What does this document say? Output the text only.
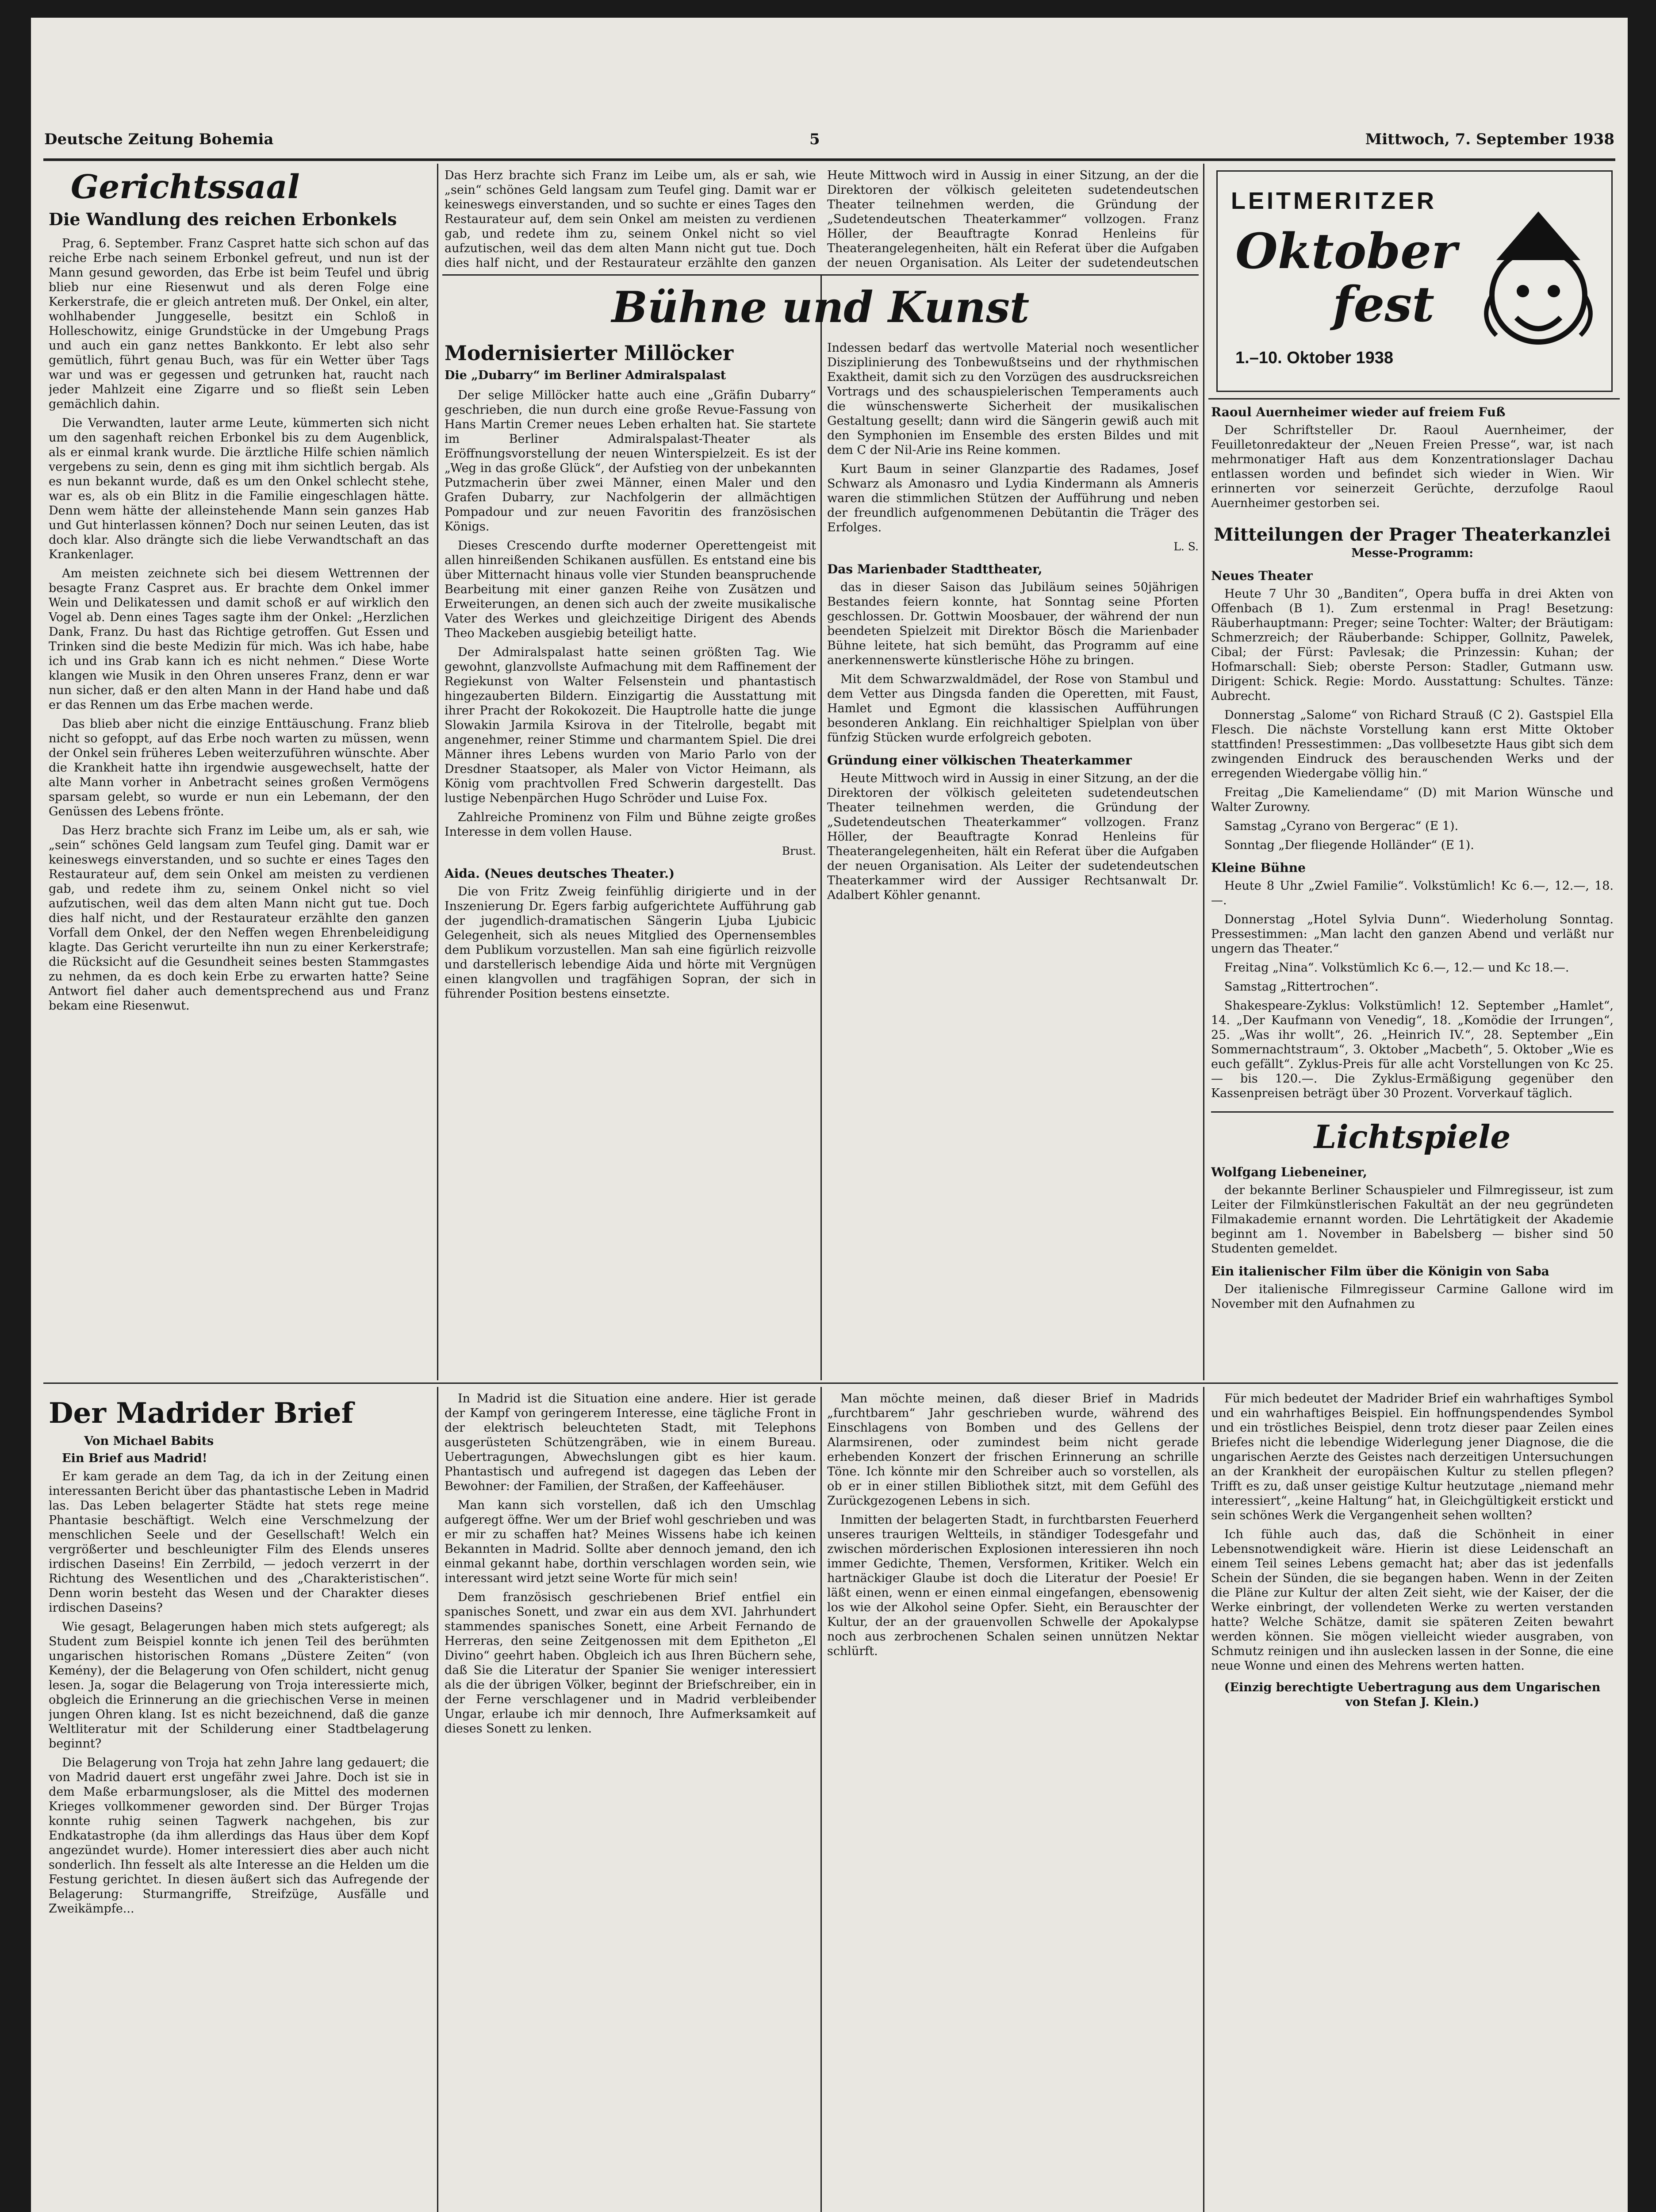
Deutsche Zeitung Bohemia	5	Mittwoch, 7. September 1938
Gerichtssaal
Die Wandlung des reichen Erbonkels

Prag, 6. September. Franz Caspret hatte sich schon auf das reiche Erbe nach seinem Erbonkel gefreut, und nun ist der Mann gesund geworden, das Erbe ist beim Teufel und übrig blieb nur eine Riesenwut und als deren Folge eine Kerkerstrafe, die er gleich antreten muß. Der Onkel, ein alter, wohlhabender Junggeselle, besitzt ein Schloß in Holleschowitz, einige Grundstücke in der Umgebung Prags und auch ein ganz nettes Bankkonto. Er lebt also sehr gemütlich, führt genau Buch, was für ein Wetter über Tags war und was er gegessen und getrunken hat, raucht nach jeder Mahlzeit eine Zigarre und so fließt sein Leben gemächlich dahin.

Die Verwandten, lauter arme Leute, kümmerten sich nicht um den sagenhaft reichen Erbonkel bis zu dem Augenblick, als er einmal krank wurde. Die ärztliche Hilfe schien nämlich vergebens zu sein, denn es ging mit ihm sichtlich bergab. Als es nun bekannt wurde, daß es um den Onkel schlecht stehe, war es, als ob ein Blitz in die Familie eingeschlagen hätte. Denn wem hätte der alleinstehende Mann sein ganzes Hab und Gut hinterlassen können? Doch nur seinen Leuten, das ist doch klar. Also drängte sich die liebe Verwandtschaft an das Krankenlager.

Am meisten zeichnete sich bei diesem Wettrennen der besagte Franz Caspret aus. Er brachte dem Onkel immer Wein und Delikatessen und damit schoß er auf wirklich den Vogel ab. Denn eines Tages sagte ihm der Onkel: „Herzlichen Dank, Franz. Du hast das Richtige getroffen. Gut Essen und Trinken sind die beste Medizin für mich. Was ich habe, habe ich und ins Grab kann ich es nicht nehmen.“ Diese Worte klangen wie Musik in den Ohren unseres Franz, denn er war nun sicher, daß er den alten Mann in der Hand habe und daß er das Rennen um das Erbe machen werde.

Das blieb aber nicht die einzige Enttäuschung. Franz blieb nicht so gefoppt, auf das Erbe noch warten zu müssen, wenn der Onkel sein früheres Leben weiterzuführen wünschte. Aber die Krankheit hatte ihn irgendwie ausgewechselt, hatte der alte Mann vorher in Anbetracht seines großen Vermögens sparsam gelebt, so wurde er nun ein Lebemann, der den Genüssen des Lebens frönte.

Das Herz brachte sich Franz im Leibe um, als er sah, wie „sein“ schönes Geld langsam zum Teufel ging. Damit war er keineswegs einverstanden, und so suchte er eines Tages den Restaurateur auf, dem sein Onkel am meisten zu verdienen gab, und redete ihm zu, seinem Onkel nicht so viel aufzutischen, weil das dem alten Mann nicht gut tue. Doch dies half nicht, und der Restaurateur erzählte den ganzen Vorfall dem Onkel, der den Neffen wegen Ehrenbeleidigung klagte. Das Gericht verurteilte ihn nun zu einer Kerkerstrafe; die Rücksicht auf die Gesundheit seines besten Stammgastes zu nehmen, da es doch kein Erbe zu erwarten hatte? Seine Antwort fiel daher auch dementsprechend aus und Franz bekam eine Riesenwut.

Das Herz brachte sich Franz im Leibe um, als er sah, wie „sein“ schönes Geld langsam zum Teufel ging. Damit war er keineswegs einverstanden, und so suchte er eines Tages den Restaurateur auf, dem sein Onkel am meisten zu verdienen gab, und redete ihm zu, seinem Onkel nicht so viel aufzutischen, weil das dem alten Mann nicht gut tue. Doch dies half nicht, und der Restaurateur erzählte den ganzen

Heute Mittwoch wird in Aussig in einer Sitzung, an der die Direktoren der völkisch geleiteten sudetendeutschen Theater teilnehmen werden, die Gründung der „Sudetendeutschen Theaterkammer“ vollzogen. Franz Höller, der Beauftragte Konrad Henleins für Theaterangelegenheiten, hält ein Referat über die Aufgaben der neuen Organisation. Als Leiter der sudetendeutschen

Bühne und Kunst
Modernisierter Millöcker
Die „Dubarry“ im Berliner Admiralspalast

Der selige Millöcker hatte auch eine „Gräfin Dubarry“ geschrieben, die nun durch eine große Revue-Fassung von Hans Martin Cremer neues Leben erhalten hat. Sie startete im Berliner Admiralspalast-Theater als Eröffnungsvorstellung der neuen Winterspielzeit. Es ist der „Weg in das große Glück“, der Aufstieg von der unbekannten Putzmacherin über zwei Männer, einen Maler und den Grafen Dubarry, zur Nachfolgerin der allmächtigen Pompadour und zur neuen Favoritin des französischen Königs.

Dieses Crescendo durfte moderner Operettengeist mit allen hinreißenden Schikanen ausfüllen. Es entstand eine bis über Mitternacht hinaus volle vier Stunden beanspruchende Bearbeitung mit einer ganzen Reihe von Zusätzen und Erweiterungen, an denen sich auch der zweite musikalische Vater des Werkes und gleichzeitige Dirigent des Abends Theo Mackeben ausgiebig beteiligt hatte.

Der Admiralspalast hatte seinen größten Tag. Wie gewohnt, glanzvollste Aufmachung mit dem Raffinement der Regiekunst von Walter Felsenstein und phantastisch hingezauberten Bildern. Einzigartig die Ausstattung mit ihrer Pracht der Rokokozeit. Die Hauptrolle hatte die junge Slowakin Jarmila Ksirova in der Titelrolle, begabt mit angenehmer, reiner Stimme und charmantem Spiel. Die drei Männer ihres Lebens wurden von Mario Parlo von der Dresdner Staatsoper, als Maler von Victor Heimann, als König vom prachtvollen Fred Schwerin dargestellt. Das lustige Nebenpärchen Hugo Schröder und Luise Fox.

Zahlreiche Prominenz von Film und Bühne zeigte großes Interesse in dem vollen Hause.

Brust.
Aida. (Neues deutsches Theater.)

Die von Fritz Zweig feinfühlig dirigierte und in der Inszenierung Dr. Egers farbig aufgerichtete Aufführung gab der jugendlich-dramatischen Sängerin Ljuba Ljubicic Gelegenheit, sich als neues Mitglied des Opernensembles dem Publikum vorzustellen. Man sah eine figürlich reizvolle und darstellerisch lebendige Aida und hörte mit Vergnügen einen klangvollen und tragfähigen Sopran, der sich in führender Position bestens einsetzte.

Indessen bedarf das wertvolle Material noch wesentlicher Disziplinierung des Tonbewußtseins und der rhythmischen Exaktheit, damit sich zu den Vorzügen des ausdrucksreichen Vortrags und des schauspielerischen Temperaments auch die wünschenswerte Sicherheit der musikalischen Gestaltung gesellt; dann wird die Sängerin gewiß auch mit den Symphonien im Ensemble des ersten Bildes und mit dem C der Nil-Arie ins Reine kommen.

Kurt Baum in seiner Glanzpartie des Radames, Josef Schwarz als Amonasro und Lydia Kindermann als Amneris waren die stimmlichen Stützen der Aufführung und neben der freundlich aufgenommenen Debütantin die Träger des Erfolges.

L. S.
Das Marienbader Stadttheater,

das in dieser Saison das Jubiläum seines 50jährigen Bestandes feiern konnte, hat Sonntag seine Pforten geschlossen. Dr. Gottwin Moosbauer, der während der nun beendeten Spielzeit mit Direktor Bösch die Marienbader Bühne leitete, hat sich bemüht, das Programm auf eine anerkennenswerte künstlerische Höhe zu bringen.

Mit dem Schwarzwaldmädel, der Rose von Stambul und dem Vetter aus Dingsda fanden die Operetten, mit Faust, Hamlet und Egmont die klassischen Aufführungen besonderen Anklang. Ein reichhaltiger Spielplan von über fünfzig Stücken wurde erfolgreich geboten.

Gründung einer völkischen Theaterkammer

Heute Mittwoch wird in Aussig in einer Sitzung, an der die Direktoren der völkisch geleiteten sudetendeutschen Theater teilnehmen werden, die Gründung der „Sudetendeutschen Theaterkammer“ vollzogen. Franz Höller, der Beauftragte Konrad Henleins für Theaterangelegenheiten, hält ein Referat über die Aufgaben der neuen Organisation. Als Leiter der sudetendeutschen Theaterkammer wird der Aussiger Rechtsanwalt Dr. Adalbert Köhler genannt.

LEITMERITZER
Oktober
fest
1.–10. Oktober 1938
Raoul Auernheimer wieder auf freiem Fuß

Der Schriftsteller Dr. Raoul Auernheimer, der Feuilletonredakteur der „Neuen Freien Presse“, war, ist nach mehrmonatiger Haft aus dem Konzentrationslager Dachau entlassen worden und befindet sich wieder in Wien. Wir erinnerten vor seinerzeit Gerüchte, derzufolge Raoul Auernheimer gestorben sei.

Mitteilungen der Prager Theaterkanzlei
Messe-Programm:
Neues Theater

Heute 7 Uhr 30 „Banditen“, Opera buffa in drei Akten von Offenbach (B 1). Zum erstenmal in Prag! Besetzung: Räuberhauptmann: Preger; seine Tochter: Walter; der Bräutigam: Schmerzreich; der Räuberbande: Schipper, Gollnitz, Pawelek, Cibal; der Fürst: Pavlesak; die Prinzessin: Kuhan; der Hofmarschall: Sieb; oberste Person: Stadler, Gutmann usw. Dirigent: Schick. Regie: Mordo. Ausstattung: Schultes. Tänze: Aubrecht.

Donnerstag „Salome“ von Richard Strauß (C 2). Gastspiel Ella Flesch. Die nächste Vorstellung kann erst Mitte Oktober stattfinden! Pressestimmen: „Das vollbesetzte Haus gibt sich dem zwingenden Eindruck des berauschenden Werks und der erregenden Wiedergabe völlig hin.“

Freitag „Die Kameliendame“ (D) mit Marion Wünsche und Walter Zurowny.

Samstag „Cyrano von Bergerac“ (E 1).

Sonntag „Der fliegende Holländer“ (E 1).

Kleine Bühne

Heute 8 Uhr „Zwiel Familie“. Volkstümlich! Kc 6.—, 12.—, 18.—.

Donnerstag „Hotel Sylvia Dunn“. Wiederholung Sonntag. Pressestimmen: „Man lacht den ganzen Abend und verläßt nur ungern das Theater.“

Freitag „Nina“. Volkstümlich Kc 6.—, 12.— und Kc 18.—.

Samstag „Rittertrochen“.

Shakespeare-Zyklus: Volkstümlich! 12. September „Hamlet“, 14. „Der Kaufmann von Venedig“, 18. „Komödie der Irrungen“, 25. „Was ihr wollt“, 26. „Heinrich IV.“, 28. September „Ein Sommernachtstraum“, 3. Oktober „Macbeth“, 5. Oktober „Wie es euch gefällt“. Zyklus-Preis für alle acht Vorstellungen von Kc 25.— bis 120.—. Die Zyklus-Ermäßigung gegenüber den Kassenpreisen beträgt über 30 Prozent. Vorverkauf täglich.

Lichtspiele
Wolfgang Liebeneiner,

der bekannte Berliner Schauspieler und Filmregisseur, ist zum Leiter der Filmkünstlerischen Fakultät an der neu gegründeten Filmakademie ernannt worden. Die Lehrtätigkeit der Akademie beginnt am 1. November in Babelsberg — bisher sind 50 Studenten gemeldet.

Ein italienischer Film über die Königin von Saba

Der italienische Filmregisseur Carmine Gallone wird im November mit den Aufnahmen zu

Der Madrider Brief
Von Michael Babits
Ein Brief aus Madrid!

Er kam gerade an dem Tag, da ich in der Zeitung einen interessanten Bericht über das phantastische Leben in Madrid las. Das Leben belagerter Städte hat stets rege meine Phantasie beschäftigt. Welch eine Verschmelzung der menschlichen Seele und der Gesellschaft! Welch ein vergrößerter und beschleunigter Film des Elends unseres irdischen Daseins! Ein Zerrbild, — jedoch verzerrt in der Richtung des Wesentlichen und des „Charakteristischen“. Denn worin besteht das Wesen und der Charakter dieses irdischen Daseins?

Wie gesagt, Belagerungen haben mich stets aufgeregt; als Student zum Beispiel konnte ich jenen Teil des berühmten ungarischen historischen Romans „Düstere Zeiten“ (von Kemény), der die Belagerung von Ofen schildert, nicht genug lesen. Ja, sogar die Belagerung von Troja interessierte mich, obgleich die Erinnerung an die griechischen Verse in meinen jungen Ohren klang. Ist es nicht bezeichnend, daß die ganze Weltliteratur mit der Schilderung einer Stadtbelagerung beginnt?

Die Belagerung von Troja hat zehn Jahre lang gedauert; die von Madrid dauert erst ungefähr zwei Jahre. Doch ist sie in dem Maße erbarmungsloser, als die Mittel des modernen Krieges vollkommener geworden sind. Der Bürger Trojas konnte ruhig seinen Tagwerk nachgehen, bis zur Endkatastrophe (da ihm allerdings das Haus über dem Kopf angezündet wurde). Homer interessiert dies aber auch nicht sonderlich. Ihn fesselt als alte Interesse an die Helden um die Festung gerichtet. In diesen äußert sich das Aufregende der Belagerung: Sturmangriffe, Streifzüge, Ausfälle und Zweikämpfe...

In Madrid ist die Situation eine andere. Hier ist gerade der Kampf von geringerem Interesse, eine tägliche Front in der elektrisch beleuchteten Stadt, mit Telephons ausgerüsteten Schützengräben, wie in einem Bureau. Uebertragungen, Abwechslungen gibt es hier kaum. Phantastisch und aufregend ist dagegen das Leben der Bewohner: der Familien, der Straßen, der Kaffeehäuser.

Man kann sich vorstellen, daß ich den Umschlag aufgeregt öffne. Wer um der Brief wohl geschrieben und was er mir zu schaffen hat? Meines Wissens habe ich keinen Bekannten in Madrid. Sollte aber dennoch jemand, den ich einmal gekannt habe, dorthin verschlagen worden sein, wie interessant wird jetzt seine Worte für mich sein!

Dem französisch geschriebenen Brief entfiel ein spanisches Sonett, und zwar ein aus dem XVI. Jahrhundert stammendes spanisches Sonett, eine Arbeit Fernando de Herreras, den seine Zeitgenossen mit dem Epitheton „El Divino“ geehrt haben. Obgleich ich aus Ihren Büchern sehe, daß Sie die Literatur der Spanier Sie weniger interessiert als die der übrigen Völker, beginnt der Briefschreiber, ein in der Ferne verschlagener und in Madrid verbleibender Ungar, erlaube ich mir dennoch, Ihre Aufmerksamkeit auf dieses Sonett zu lenken.

Man möchte meinen, daß dieser Brief in Madrids „furchtbarem“ Jahr geschrieben wurde, während des Einschlagens von Bomben und des Gellens der Alarmsirenen, oder zumindest beim nicht gerade erhebenden Konzert der frischen Erinnerung an schrille Töne. Ich könnte mir den Schreiber auch so vorstellen, als ob er in einer stillen Bibliothek sitzt, mit dem Gefühl des Zurückgezogenen Lebens in sich.

Inmitten der belagerten Stadt, in furchtbarsten Feuerherd unseres traurigen Weltteils, in ständiger Todesgefahr und zwischen mörderischen Explosionen interessieren ihn noch immer Gedichte, Themen, Versformen, Kritiker. Welch ein hartnäckiger Glaube ist doch die Literatur der Poesie! Er läßt einen, wenn er einen einmal eingefangen, ebensowenig los wie der Alkohol seine Opfer. Sieht, ein Berauschter der Kultur, der an der grauenvollen Schwelle der Apokalypse noch aus zerbrochenen Schalen seinen unnützen Nektar schlürft.

Für mich bedeutet der Madrider Brief ein wahrhaftiges Symbol und ein wahrhaftiges Beispiel. Ein hoffnungspendendes Symbol und ein tröstliches Beispiel, denn trotz dieser paar Zeilen eines Briefes nicht die lebendige Widerlegung jener Diagnose, die die ungarischen Aerzte des Geistes nach derzeitigen Untersuchungen an der Krankheit der europäischen Kultur zu stellen pflegen? Trifft es zu, daß unser geistige Kultur heutzutage „niemand mehr interessiert“, „keine Haltung“ hat, in Gleichgültigkeit erstickt und sein schönes Werk die Vergangenheit sehen wollten?

Ich fühle auch das, daß die Schönheit in einer Lebensnotwendigkeit wäre. Hierin ist diese Leidenschaft an einem Teil seines Lebens gemacht hat; aber das ist jedenfalls Schein der Sünden, die sie begangen haben. Wenn in der Zeiten die Pläne zur Kultur der alten Zeit sieht, wie der Kaiser, der die Werke einbringt, der vollendeten Werke zu werten verstanden hatte? Welche Schätze, damit sie späteren Zeiten bewahrt werden können. Sie mögen vielleicht wieder ausgraben, von Schmutz reinigen und ihn auslecken lassen in der Sonne, die eine neue Wonne und einen des Mehrens werten hatten.

(Einzig berechtigte Uebertragung aus dem Ungarischen von Stefan J. Klein.)
